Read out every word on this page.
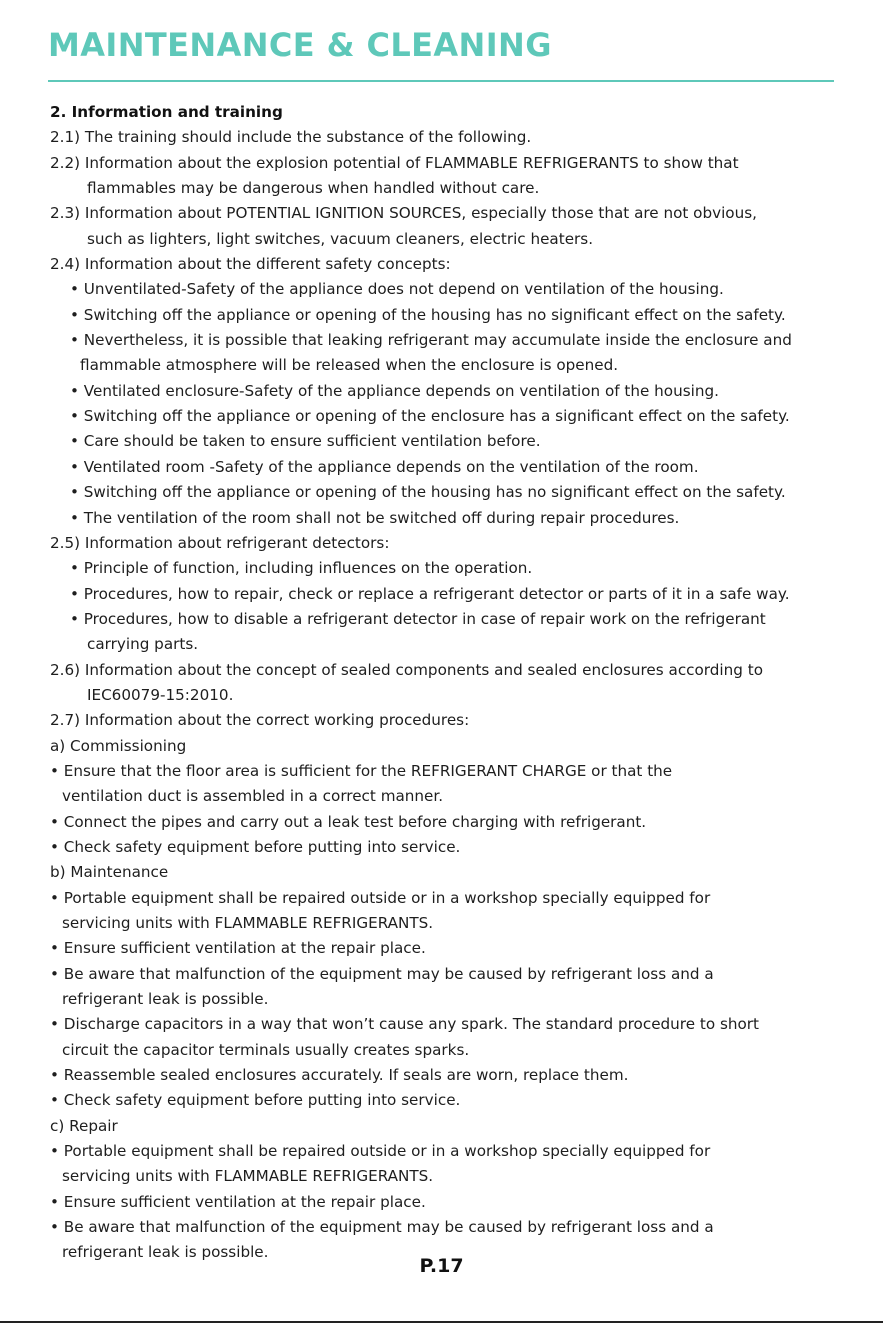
MAINTENANCE & CLEANING
2. Information and training
2.1) The training should include the substance of the following.
2.2) Information about the explosion potential of FLAMMABLE REFRIGERANTS to show that
flammables may be dangerous when handled without care.
2.3) Information about POTENTIAL IGNITION SOURCES, especially those that are not obvious,
such as lighters, light switches, vacuum cleaners, electric heaters.
2.4) Information about the different safety concepts:
• Unventilated-Safety of the appliance does not depend on ventilation of the housing.
• Switching off the appliance or opening of the housing has no significant effect on the safety.
• Nevertheless, it is possible that leaking refrigerant may accumulate inside the enclosure and
flammable atmosphere will be released when the enclosure is opened.
• Ventilated enclosure-Safety of the appliance depends on ventilation of the housing.
• Switching off the appliance or opening of the enclosure has a significant effect on the safety.
• Care should be taken to ensure sufficient ventilation before.
• Ventilated room -Safety of the appliance depends on the ventilation of the room.
• Switching off the appliance or opening of the housing has no significant effect on the safety.
• The ventilation of the room shall not be switched off during repair procedures.
2.5) Information about refrigerant detectors:
• Principle of function, including influences on the operation.
• Procedures, how to repair, check or replace a refrigerant detector or parts of it in a safe way.
• Procedures, how to disable a refrigerant detector in case of repair work on the refrigerant
carrying parts.
2.6) Information about the concept of sealed components and sealed enclosures according to
IEC60079-15:2010.
2.7) Information about the correct working procedures:
a) Commissioning
• Ensure that the floor area is sufficient for the REFRIGERANT CHARGE or that the
ventilation duct is assembled in a correct manner.
• Connect the pipes and carry out a leak test before charging with refrigerant.
• Check safety equipment before putting into service.
b) Maintenance
• Portable equipment shall be repaired outside or in a workshop specially equipped for
servicing units with FLAMMABLE REFRIGERANTS.
• Ensure sufficient ventilation at the repair place.
• Be aware that malfunction of the equipment may be caused by refrigerant loss and a
refrigerant leak is possible.
• Discharge capacitors in a way that won’t cause any spark. The standard procedure to short
circuit the capacitor terminals usually creates sparks.
• Reassemble sealed enclosures accurately. If seals are worn, replace them.
• Check safety equipment before putting into service.
c) Repair
• Portable equipment shall be repaired outside or in a workshop specially equipped for
servicing units with FLAMMABLE REFRIGERANTS.
• Ensure sufficient ventilation at the repair place.
• Be aware that malfunction of the equipment may be caused by refrigerant loss and a
refrigerant leak is possible.
P.17
